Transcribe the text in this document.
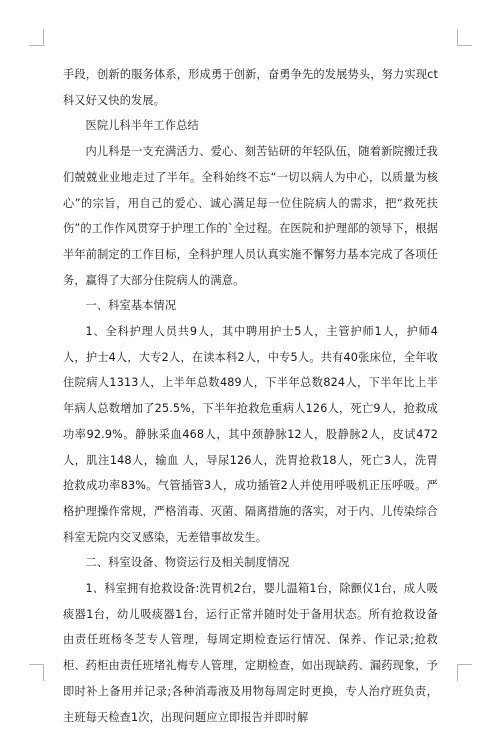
手段，创新的服务体系，形成勇于创新，奋勇争先的发展势头，努力实现ct科又好又快的发展。

医院儿科半年工作总结

内儿科是一支充满活力、爱心、刻苦钻研的年轻队伍，随着新院搬迁我们兢兢业业地走过了半年。全科始终不忘“一切以病人为中心，以质量为核心”的宗旨，用自己的爱心、诚心满足每一位住院病人的需求，把“救死扶伤”的工作作风贯穿于护理工作的`全过程。在医院和护理部的领导下，根据半年前制定的工作目标，全科护理人员认真实施不懈努力基本完成了各项任务，赢得了大部分住院病人的满意。

一、科室基本情况

1、全科护理人员共9人，其中聘用护士5人，主管护师1人，护师4人，护士4人，大专2人，在读本科2人，中专5人。共有40张床位，全年收住院病人1313人，上半年总数489人，下半年总数824人，下半年比上半年病人总数增加了25.5%，下半年抢救危重病人126人，死亡9人，抢救成功率92.9%。静脉采血468人，其中颈静脉12人，股静脉2人，皮试472人，肌注148人，输血 人，导尿126人，洗胃抢救18人，死亡3人，洗胃抢救成功率83%。气管插管3人，成功插管2人并使用呼吸机正压呼吸。严格护理操作常规，严格消毒、灭菌、隔离措施的落实，对于内、儿传染综合科室无院内交叉感染，无差错事故发生。

二、科室设备、物资运行及相关制度情况

1、科室拥有抢救设备:洗胃机2台，婴儿温箱1台，除颤仪1台，成人吸痰器1台，幼儿吸痰器1台，运行正常并随时处于备用状态。所有抢救设备由责任班杨冬芝专人管理，每周定期检查运行情况、保养、作记录;抢救柜、药柜由责任班堵礼梅专人管理，定期检查，如出现缺药、漏药现象，予即时补上备用并记录;各种消毒液及用物每周定时更换，专人治疗班负责，主班每天检查1次，出现问题应立即报告并即时解
